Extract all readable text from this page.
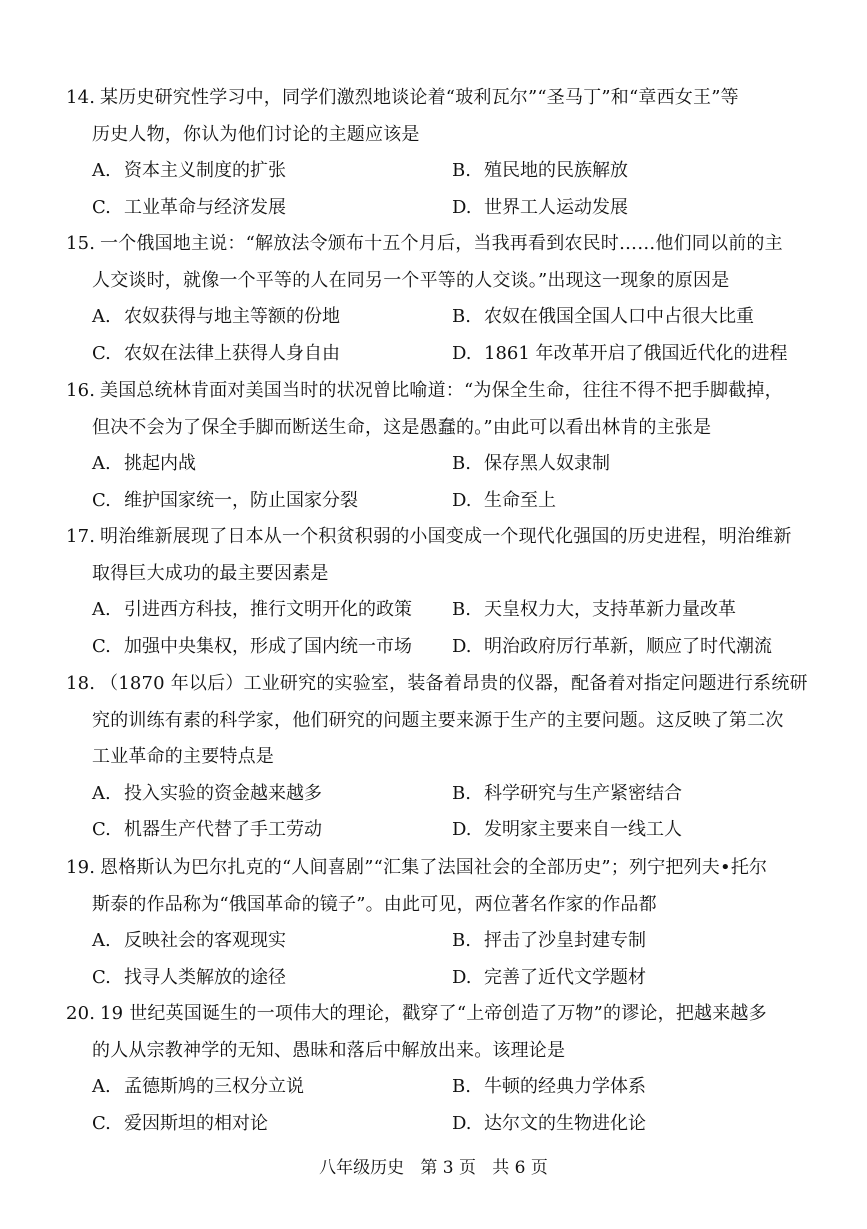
14. 某历史研究性学习中，同学们激烈地谈论着“玻利瓦尔”“圣马丁”和“章西女王”等
历史人物，你认为他们讨论的主题应该是
A. 资本主义制度的扩张	B. 殖民地的民族解放
C. 工业革命与经济发展	D. 世界工人运动发展
15. 一个俄国地主说：“解放法令颁布十五个月后，当我再看到农民时……他们同以前的主
人交谈时，就像一个平等的人在同另一个平等的人交谈。”出现这一现象的原因是
A. 农奴获得与地主等额的份地	B. 农奴在俄国全国人口中占很大比重
C. 农奴在法律上获得人身自由	D. 1861 年改革开启了俄国近代化的进程
16. 美国总统林肯面对美国当时的状况曾比喻道：“为保全生命，往往不得不把手脚截掉，
但决不会为了保全手脚而断送生命，这是愚蠢的。”由此可以看出林肯的主张是
A. 挑起内战	B. 保存黑人奴隶制
C. 维护国家统一，防止国家分裂	D. 生命至上
17. 明治维新展现了日本从一个积贫积弱的小国变成一个现代化强国的历史进程，明治维新
取得巨大成功的最主要因素是
A. 引进西方科技，推行文明开化的政策 B. 天皇权力大，支持革新力量改革
C. 加强中央集权，形成了国内统一市场 D. 明治政府厉行革新，顺应了时代潮流
18. （1870 年以后）工业研究的实验室，装备着昂贵的仪器，配备着对指定问题进行系统研
究的训练有素的科学家，他们研究的问题主要来源于生产的主要问题。这反映了第二次
工业革命的主要特点是
A. 投入实验的资金越来越多	B. 科学研究与生产紧密结合
C. 机器生产代替了手工劳动	D. 发明家主要来自一线工人
19. 恩格斯认为巴尔扎克的“人间喜剧”“汇集了法国社会的全部历史”；列宁把列夫•托尔
斯泰的作品称为“俄国革命的镜子”。由此可见，两位著名作家的作品都
A. 反映社会的客观现实	B. 抨击了沙皇封建专制
C. 找寻人类解放的途径	D. 完善了近代文学题材
20. 19 世纪英国诞生的一项伟大的理论，戳穿了“上帝创造了万物”的谬论，把越来越多
的人从宗教神学的无知、愚昧和落后中解放出来。该理论是
A. 孟德斯鸠的三权分立说	B. 牛顿的经典力学体系
C. 爱因斯坦的相对论	D. 达尔文的生物进化论
八年级历史   第 3 页   共 6 页
